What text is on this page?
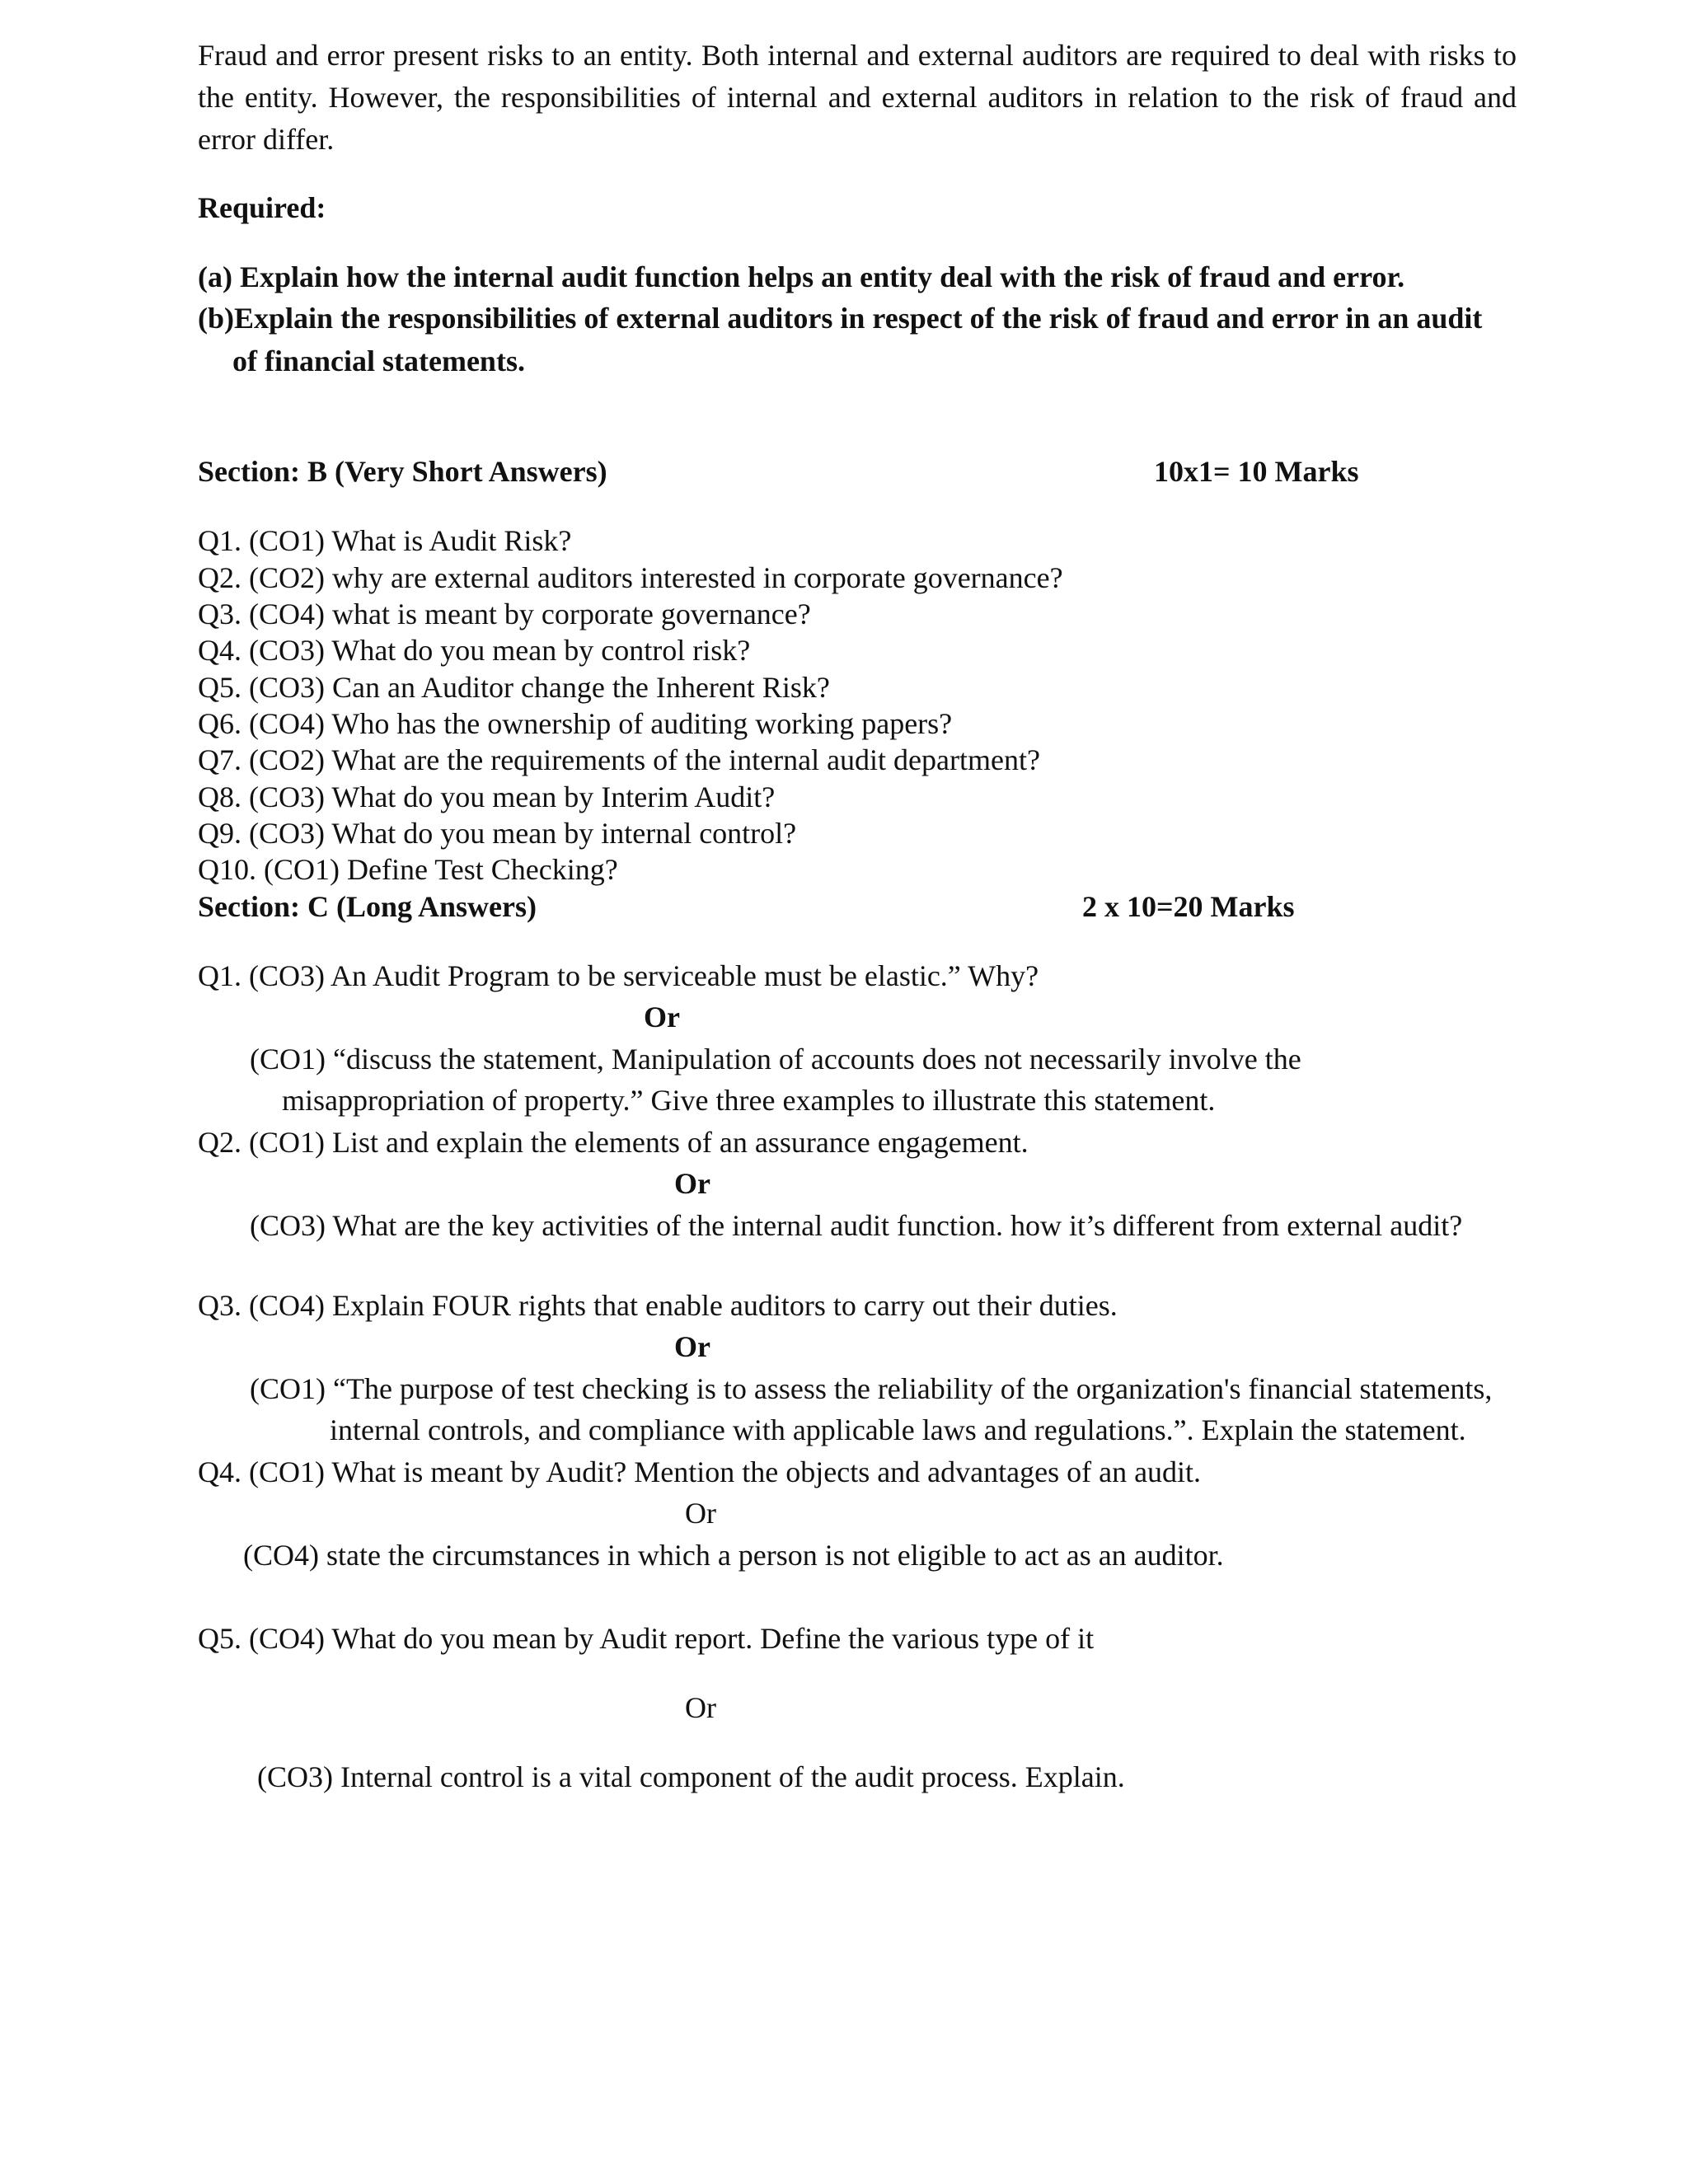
Fraud and error present risks to an entity. Both internal and external auditors are required to deal with risks to the entity. However, the responsibilities of internal and external auditors in relation to the risk of fraud and error differ.
Required:
(a) Explain how the internal audit function helps an entity deal with the risk of fraud and error.
(b)Explain the responsibilities of external auditors in respect of the risk of fraud and error in an audit
of financial statements.
Section: B (Very Short Answers)	10x1= 10 Marks
Q1. (CO1) What is Audit Risk?
Q2. (CO2) why are external auditors interested in corporate governance?
Q3. (CO4) what is meant by corporate governance?
Q4. (CO3) What do you mean by control risk?
Q5. (CO3) Can an Auditor change the Inherent Risk?
Q6. (CO4) Who has the ownership of auditing working papers?
Q7. (CO2) What are the requirements of the internal audit department?
Q8. (CO3) What do you mean by Interim Audit?
Q9. (CO3) What do you mean by internal control?
Q10. (CO1) Define Test Checking?
Section: C (Long Answers)	2 x 10=20 Marks
Q1. (CO3) An Audit Program to be serviceable must be elastic.” Why?
Or
(CO1) “discuss the statement, Manipulation of accounts does not necessarily involve the
misappropriation of property.” Give three examples to illustrate this statement.
Q2. (CO1) List and explain the elements of an assurance engagement.
Or
(CO3) What are the key activities of the internal audit function. how it’s different from external audit?
Q3. (CO4) Explain FOUR rights that enable auditors to carry out their duties.
Or
(CO1) “The purpose of test checking is to assess the reliability of the organization's financial statements,
internal controls, and compliance with applicable laws and regulations.”. Explain the statement.
Q4. (CO1) What is meant by Audit? Mention the objects and advantages of an audit.
Or
(CO4) state the circumstances in which a person is not eligible to act as an auditor.
Q5. (CO4) What do you mean by Audit report. Define the various type of it
Or
(CO3) Internal control is a vital component of the audit process. Explain.
